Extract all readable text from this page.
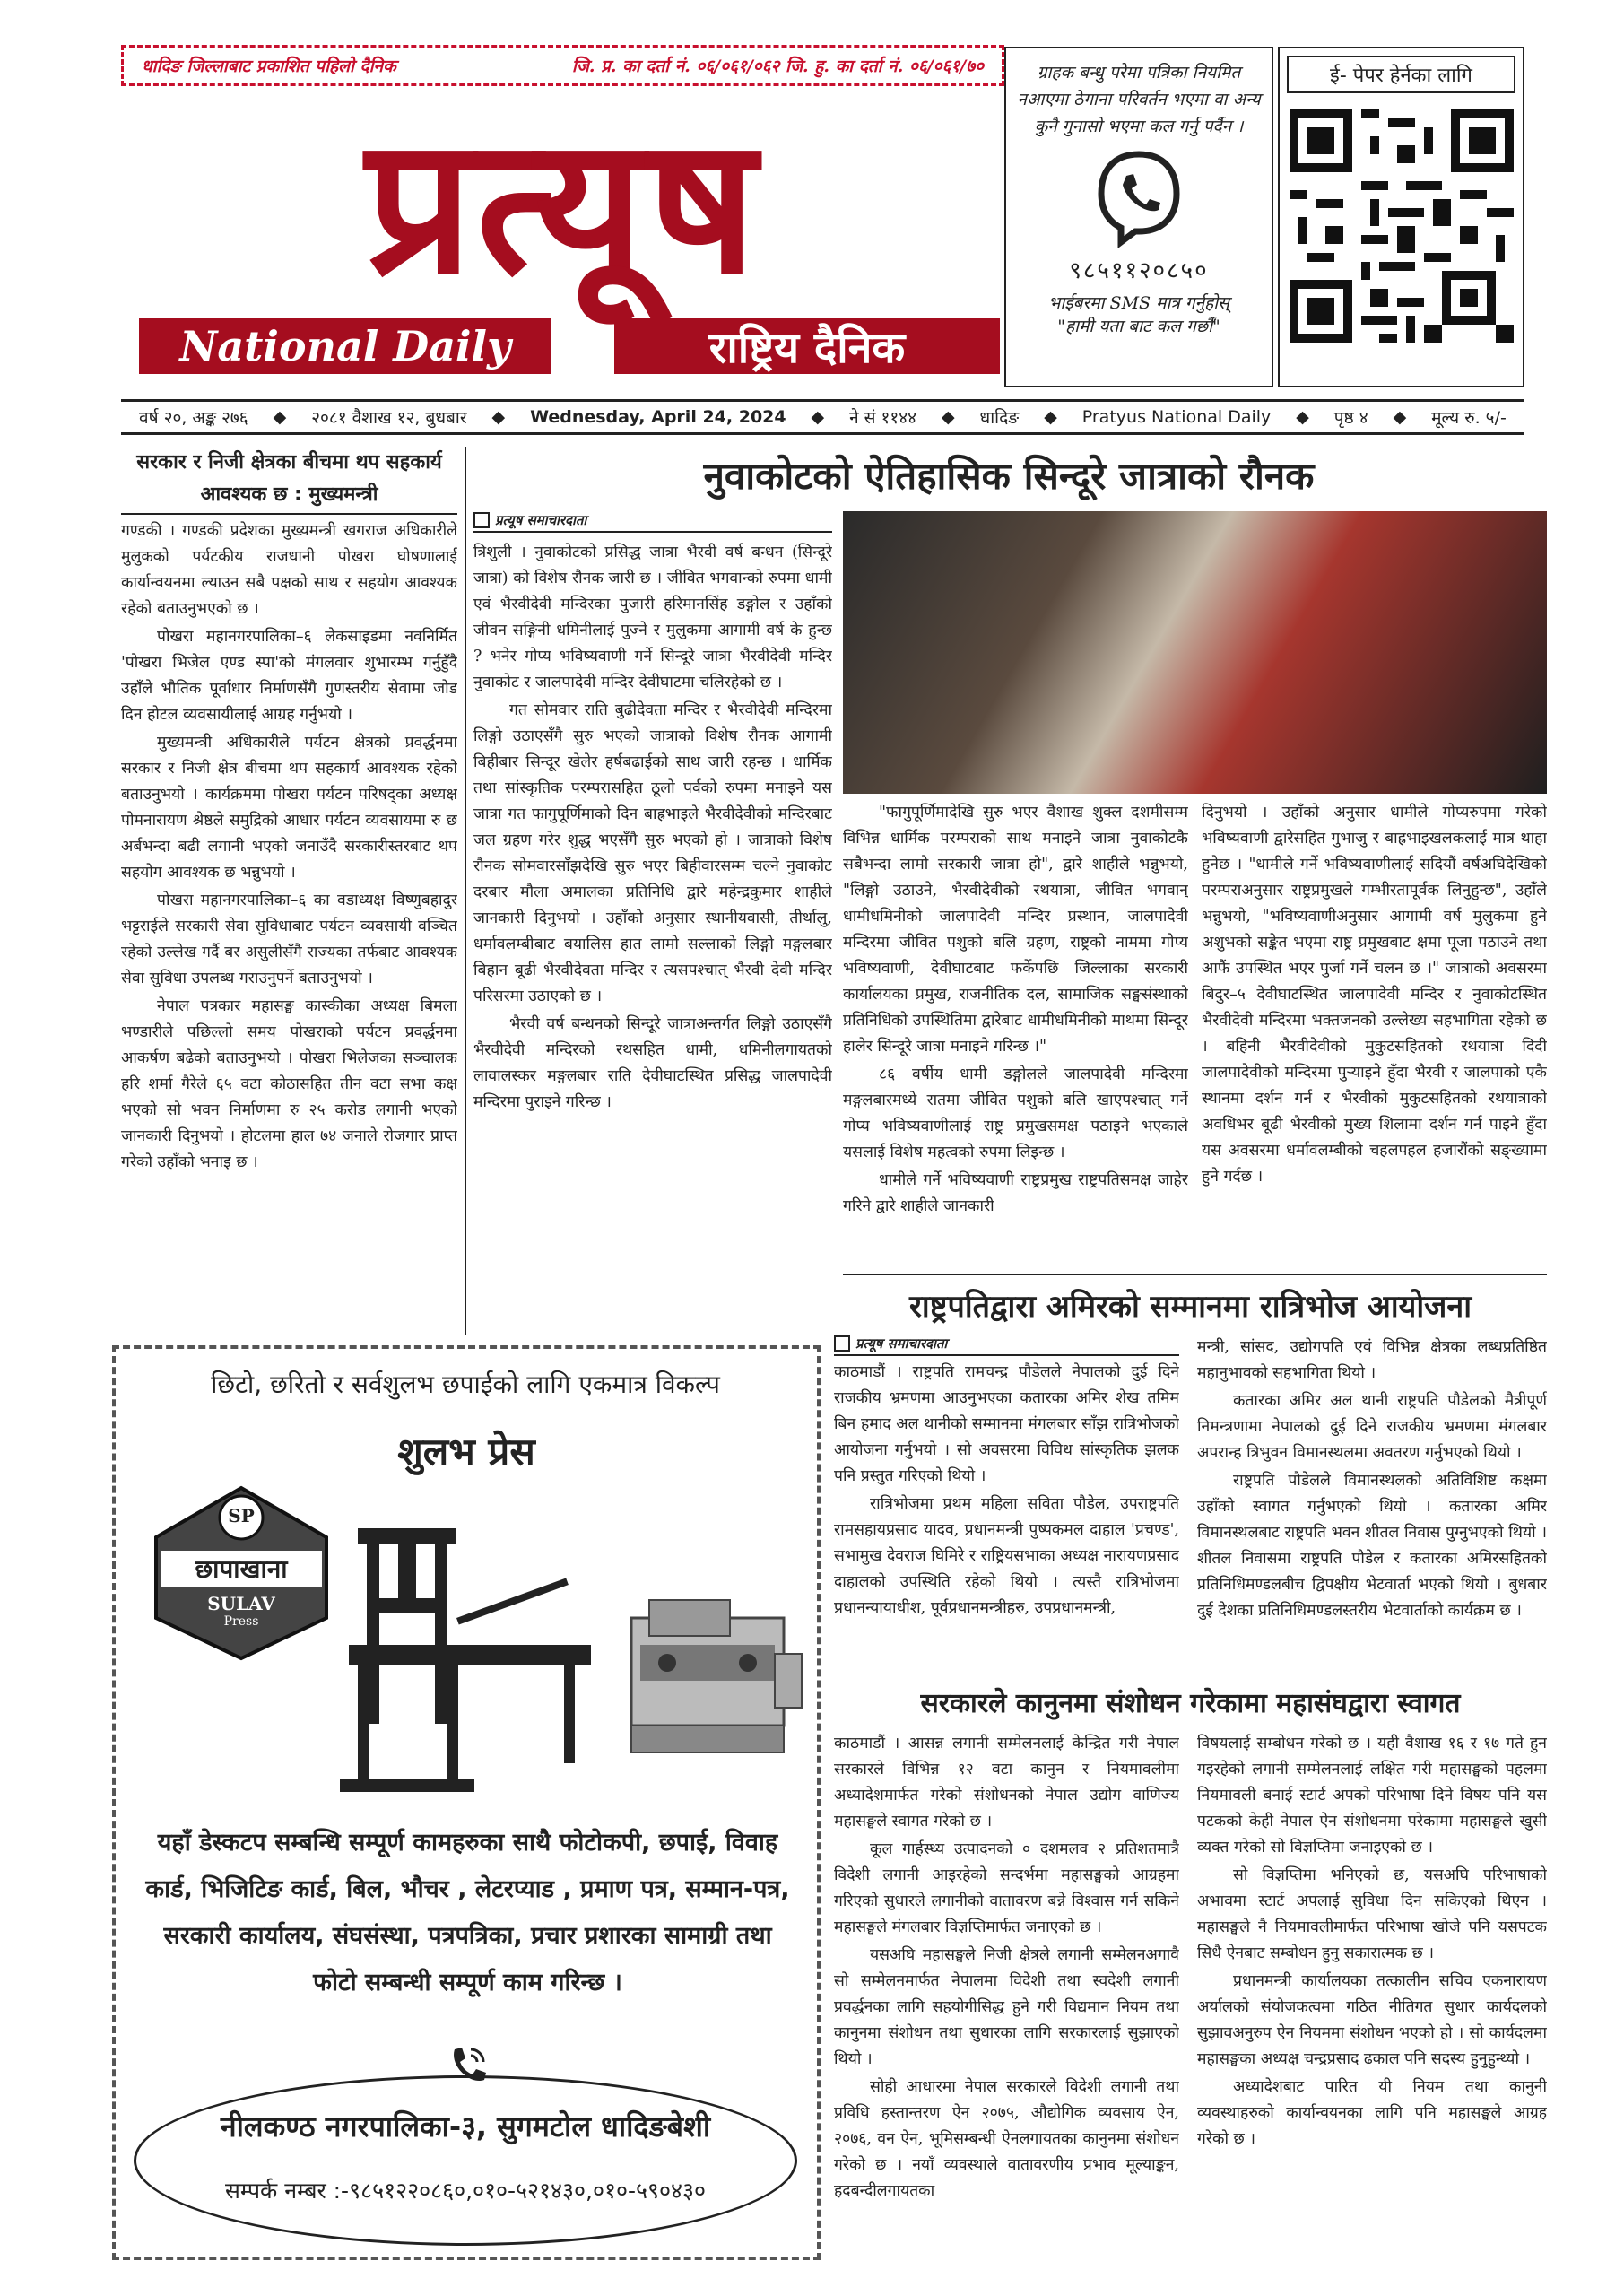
धादिङ जिल्लाबाट प्रकाशित पहिलो दैनिक	जि. प्र. का दर्ता नं. ०६/०६१/०६२ जि. हु. का दर्ता नं. ०६/०६१/७०
प्रत्यूष
National Daily	राष्ट्रिय दैनिक
ग्राहक बन्धु परेमा पत्रिका नियमित नआएमा ठेगाना परिवर्तन भएमा वा अन्य कुनै गुनासो भएमा कल गर्नु पर्दैन ।
९८५११२०८५०
भाईबरमा SMS मात्र गर्नुहोस्
"हामी यता बाट कल गर्छौं"
ई- पेपर हेर्नका लागि
वर्ष २०, अङ्क २७६ ◆ २०८१ वैशाख १२, बुधबार ◆ Wednesday, April 24, 2024 ◆ ने सं ११४४ ◆ धादिङ ◆ Pratyus National Daily ◆ पृष्ठ ४ ◆ मूल्य रु. ५/-
सरकार र निजी क्षेत्रका बीचमा थप सहकार्य आवश्यक छ : मुख्यमन्त्री

गण्डकी । गण्डकी प्रदेशका मुख्यमन्त्री खगराज अधिकारीले मुलुकको पर्यटकीय राजधानी पोखरा घोषणालाई कार्यान्वयनमा ल्याउन सबै पक्षको साथ र सहयोग आवश्यक रहेको बताउनुभएको छ ।

पोखरा महानगरपालिका–६ लेकसाइडमा नवनिर्मित 'पोखरा भिजेल एण्ड स्पा'को मंगलवार शुभारम्भ गर्नुहुँदै उहाँले भौतिक पूर्वाधार निर्माणसँगै गुणस्तरीय सेवामा जोड दिन होटल व्यवसायीलाई आग्रह गर्नुभयो ।

मुख्यमन्त्री अधिकारीले पर्यटन क्षेत्रको प्रवर्द्धनमा सरकार र निजी क्षेत्र बीचमा थप सहकार्य आवश्यक रहेको बताउनुभयो । कार्यक्रममा पोखरा पर्यटन परिषद्का अध्यक्ष पोमनारायण श्रेष्ठले समुद्रिको आधार पर्यटन व्यवसायमा रु छ अर्बभन्दा बढी लगानी भएको जनाउँदै सरकारीस्तरबाट थप सहयोग आवश्यक छ भन्नुभयो ।

पोखरा महानगरपालिका–६ का वडाध्यक्ष विष्णुबहादुर भट्टराईले सरकारी सेवा सुविधाबाट पर्यटन व्यवसायी वञ्चित रहेको उल्लेख गर्दै बर असुलीसँगै राज्यका तर्फबाट आवश्यक सेवा सुविधा उपलब्ध गराउनुपर्ने बताउनुभयो ।

नेपाल पत्रकार महासङ्घ कास्कीका अध्यक्ष बिमला भण्डारीले पछिल्लो समय पोखराको पर्यटन प्रवर्द्धनमा आकर्षण बढेको बताउनुभयो । पोखरा भिलेजका सञ्चालक हरि शर्मा गैरेले ६५ वटा कोठासहित तीन वटा सभा कक्ष भएको सो भवन निर्माणमा रु २५ करोड लगानी भएको जानकारी दिनुभयो । होटलमा हाल ७४ जनाले रोजगार प्राप्त गरेको उहाँको भनाइ छ ।

नुवाकोटको ऐतिहासिक सिन्दूरे जात्राको रौनक
प्रत्यूष समाचारदाता

त्रिशुली । नुवाकोटको प्रसिद्ध जात्रा भैरवी वर्ष बन्धन (सिन्दूरे जात्रा) को विशेष रौनक जारी छ । जीवित भगवान्को रुपमा धामी एवं भैरवीदेवी मन्दिरका पुजारी हरिमानसिंह डङ्गोल र उहाँको जीवन सङ्गिनी धमिनीलाई पुज्ने र मुलुकमा आगामी वर्ष के हुन्छ ? भनेर गोप्य भविष्यवाणी गर्ने सिन्दूरे जात्रा भैरवीदेवी मन्दिर नुवाकोट र जालपादेवी मन्दिर देवीघाटमा चलिरहेको छ ।

गत सोमवार राति बुढीदेवता मन्दिर र भैरवीदेवी मन्दिरमा लिङ्गो उठाएसँगै सुरु भएको जात्राको विशेष रौनक आगामी बिहीबार सिन्दूर खेलेर हर्षबढाईको साथ जारी रहन्छ । धार्मिक तथा सांस्कृतिक परम्परासहित ठूलो पर्वको रुपमा मनाइने यस जात्रा गत फागुपूर्णिमाको दिन बाह्रभाइले भैरवीदेवीको मन्दिरबाट जल ग्रहण गरेर शुद्ध भएसँगै सुरु भएको हो । जात्राको विशेष रौनक सोमवारसाँझदेखि सुरु भएर बिहीवारसम्म चल्ने नुवाकोट दरबार मौला अमालका प्रतिनिधि द्वारे महेन्द्रकुमार शाहीले जानकारी दिनुभयो । उहाँको अनुसार स्थानीयवासी, तीर्थालु, धर्मावलम्बीबाट बयालिस हात लामो सल्लाको लिङ्गो मङ्गलबार बिहान बूढी भैरवीदेवता मन्दिर र त्यसपश्चात् भैरवी देवी मन्दिर परिसरमा उठाएको छ ।

भैरवी वर्ष बन्धनको सिन्दूरे जात्राअन्तर्गत लिङ्गो उठाएसँगै भैरवीदेवी मन्दिरको रथसहित धामी, धमिनीलगायतको लावालस्कर मङ्गलबार राति देवीघाटस्थित प्रसिद्ध जालपादेवी मन्दिरमा पुराइने गरिन्छ ।

"फागुपूर्णिमादेखि सुरु भएर वैशाख शुक्ल दशमीसम्म विभिन्न धार्मिक परम्पराको साथ मनाइने जात्रा नुवाकोटकै सबैभन्दा लामो सरकारी जात्रा हो", द्वारे शाहीले भन्नुभयो, "लिङ्गो उठाउने, भैरवीदेवीको रथयात्रा, जीवित भगवान् धामीधमिनीको जालपादेवी मन्दिर प्रस्थान, जालपादेवी मन्दिरमा जीवित पशुको बलि ग्रहण, राष्ट्रको नाममा गोप्य भविष्यवाणी, देवीघाटबाट फर्केपछि जिल्लाका सरकारी कार्यालयका प्रमुख, राजनीतिक दल, सामाजिक सङ्घसंस्थाको प्रतिनिधिको उपस्थितिमा द्वारेबाट धामीधमिनीको माथमा सिन्दूर हालेर सिन्दूरे जात्रा मनाइने गरिन्छ ।"

८६ वर्षीय धामी डङ्गोलले जालपादेवी मन्दिरमा मङ्गलबारमध्ये रातमा जीवित पशुको बलि खाएपश्चात् गर्ने गोप्य भविष्यवाणीलाई राष्ट्र प्रमुखसमक्ष पठाइने भएकाले यसलाई विशेष महत्वको रुपमा लिइन्छ ।

धामीले गर्ने भविष्यवाणी राष्ट्रप्रमुख राष्ट्रपतिसमक्ष जाहेर गरिने द्वारे शाहीले जानकारी

दिनुभयो । उहाँको अनुसार धामीले गोप्यरुपमा गरेको भविष्यवाणी द्वारेसहित गुभाजु र बाह्रभाइखलकलाई मात्र थाहा हुनेछ । "धामीले गर्ने भविष्यवाणीलाई सदियौं वर्षअघिदेखिको परम्पराअनुसार राष्ट्रप्रमुखले गम्भीरतापूर्वक लिनुहुन्छ", उहाँले भन्नुभयो, "भविष्यवाणीअनुसार आगामी वर्ष मुलुकमा हुने अशुभको सङ्केत भएमा राष्ट्र प्रमुखबाट क्षमा पूजा पठाउने तथा आफैं उपस्थित भएर पुर्जा गर्ने चलन छ ।" जात्राको अवसरमा बिदुर–५ देवीघाटस्थित जालपादेवी मन्दिर र नुवाकोटस्थित भैरवीदेवी मन्दिरमा भक्तजनको उल्लेख्य सहभागिता रहेको छ । बहिनी भैरवीदेवीको मुकुटसहितको रथयात्रा दिदी जालपादेवीको मन्दिरमा पुर्‍याइने हुँदा भैरवी र जालपाको एकै स्थानमा दर्शन गर्न र भैरवीको मुकुटसहितको रथयात्राको अवधिभर बूढी भैरवीको मुख्य शिलामा दर्शन गर्न पाइने हुँदा यस अवसरमा धर्मावलम्बीको चहलपहल हजारौंको सङ्ख्यामा हुने गर्दछ ।

राष्ट्रपतिद्वारा अमिरको सम्मानमा रात्रिभोज आयोजना
प्रत्यूष समाचारदाता

काठमाडौं । राष्ट्रपति रामचन्द्र पौडेलले नेपालको दुई दिने राजकीय भ्रमणमा आउनुभएका कतारका अमिर शेख तमिम बिन हमाद अल थानीको सम्मानमा मंगलबार साँझ रात्रिभोजको आयोजना गर्नुभयो । सो अवसरमा विविध सांस्कृतिक झलक पनि प्रस्तुत गरिएको थियो ।

रात्रिभोजमा प्रथम महिला सविता पौडेल, उपराष्ट्रपति रामसहायप्रसाद यादव, प्रधानमन्त्री पुष्पकमल दाहाल 'प्रचण्ड', सभामुख देवराज घिमिरे र राष्ट्रियसभाका अध्यक्ष नारायणप्रसाद दाहालको उपस्थिति रहेको थियो । त्यस्तै रात्रिभोजमा प्रधानन्यायाधीश, पूर्वप्रधानमन्त्रीहरु, उपप्रधानमन्त्री,

मन्त्री, सांसद, उद्योगपति एवं विभिन्न क्षेत्रका लब्धप्रतिष्ठित महानुभावको सहभागिता थियो ।

कतारका अमिर अल थानी राष्ट्रपति पौडेलको मैत्रीपूर्ण निमन्त्रणामा नेपालको दुई दिने राजकीय भ्रमणमा मंगलबार अपरान्ह त्रिभुवन विमानस्थलमा अवतरण गर्नुभएको थियो ।

राष्ट्रपति पौडेलले विमानस्थलको अतिविशिष्ट कक्षमा उहाँको स्वागत गर्नुभएको थियो । कतारका अमिर विमानस्थलबाट राष्ट्रपति भवन शीतल निवास पुग्नुभएको थियो । शीतल निवासमा राष्ट्रपति पौडेल र कतारका अमिरसहितको प्रतिनिधिमण्डलबीच द्विपक्षीय भेटवार्ता भएको थियो । बुधबार दुई देशका प्रतिनिधिमण्डलस्तरीय भेटवार्ताको कार्यक्रम छ ।

सरकारले कानुनमा संशोधन गरेकामा महासंघद्वारा स्वागत

काठमाडौं । आसन्न लगानी सम्मेलनलाई केन्द्रित गरी नेपाल सरकारले विभिन्न १२ वटा कानुन र नियमावलीमा अध्यादेशमार्फत गरेको संशोधनको नेपाल उद्योग वाणिज्य महासङ्घले स्वागत गरेको छ ।

कूल गार्हस्थ्य उत्पादनको ० दशमलव २ प्रतिशतमात्रै विदेशी लगानी आइरहेको सन्दर्भमा महासङ्घको आग्रहमा गरिएको सुधारले लगानीको वातावरण बन्ने विश्वास गर्न सकिने महासङ्घले मंगलबार विज्ञप्तिमार्फत जनाएको छ ।

यसअघि महासङ्घले निजी क्षेत्रले लगानी सम्मेलनअगावै सो सम्मेलनमार्फत नेपालमा विदेशी तथा स्वदेशी लगानी प्रवर्द्धनका लागि सहयोगीसिद्ध हुने गरी विद्यमान नियम तथा कानुनमा संशोधन तथा सुधारका लागि सरकारलाई सुझाएको थियो ।

सोही आधारमा नेपाल सरकारले विदेशी लगानी तथा प्रविधि हस्तान्तरण ऐन २०७५, औद्योगिक व्यवसाय ऐन, २०७६, वन ऐन, भूमिसम्बन्धी ऐनलगायतका कानुनमा संशोधन गरेको छ । नयाँ व्यवस्थाले वातावरणीय प्रभाव मूल्याङ्कन, हदबन्दीलगायतका

विषयलाई सम्बोधन गरेको छ । यही वैशाख १६ र १७ गते हुन गइरहेको लगानी सम्मेलनलाई लक्षित गरी महासङ्घको पहलमा नियमावली बनाई स्टार्ट अपको परिभाषा दिने विषय पनि यस पटकको केही नेपाल ऐन संशोधनमा परेकामा महासङ्घले खुसी व्यक्त गरेको सो विज्ञप्तिमा जनाइएको छ ।

सो विज्ञप्तिमा भनिएको छ, यसअघि परिभाषाको अभावमा स्टार्ट अपलाई सुविधा दिन सकिएको थिएन । महासङ्घले नै नियमावलीमार्फत परिभाषा खोजे पनि यसपटक सिधै ऐनबाट सम्बोधन हुनु सकारात्मक छ ।

प्रधानमन्त्री कार्यालयका तत्कालीन सचिव एकनारायण अर्यालको संयोजकत्वमा गठित नीतिगत सुधार कार्यदलको सुझावअनुरुप ऐन नियममा संशोधन भएको हो । सो कार्यदलमा महासङ्घका अध्यक्ष चन्द्रप्रसाद ढकाल पनि सदस्य हुनुहुन्थ्यो ।

अध्यादेशबाट पारित यी नियम तथा कानुनी व्यवस्थाहरुको कार्यान्वयनका लागि पनि महासङ्घले आग्रह गरेको छ ।

छिटो, छरितो र सर्वशुलभ छपाईको लागि एकमात्र विकल्प
शुलभ प्रेस
SP
छापाखाना
SULAV
Press
यहाँ डेस्कटप सम्बन्धि सम्पूर्ण कामहरुका साथै फोटोकपी, छपाई, विवाह कार्ड, भिजिटिङ कार्ड, बिल, भौचर , लेटरप्याड , प्रमाण पत्र, सम्मान-पत्र, सरकारी कार्यालय, संघसंस्था, पत्रपत्रिका, प्रचार प्रशारका सामाग्री तथा फोटो सम्बन्धी सम्पूर्ण काम गरिन्छ ।
नीलकण्ठ नगरपालिका-३, सुगमटोल धादिङबेशी
सम्पर्क नम्बर :-९८५१२२०८६०,०१०-५२१४३०,०१०-५९०४३०
